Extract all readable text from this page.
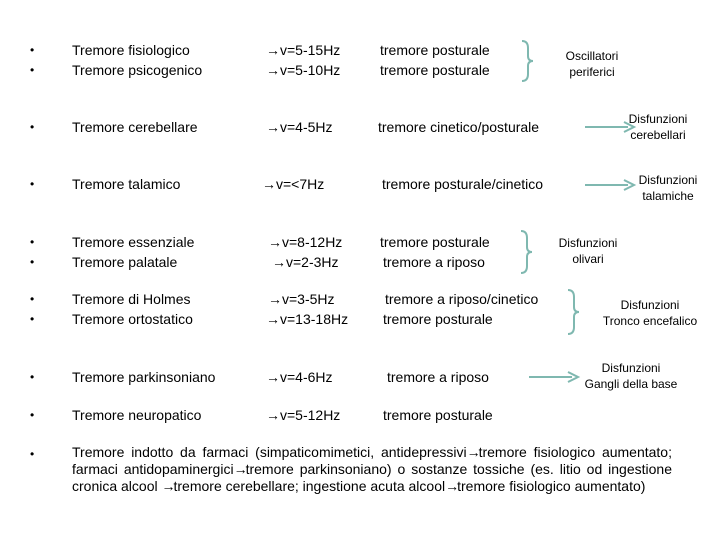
•
•
•
•
•
•
•
•
•
•
•
Tremore fisiologico
Tremore psicogenico
Tremore cerebellare
Tremore talamico
Tremore essenziale
Tremore palatale
Tremore di Holmes
Tremore ortostatico
Tremore parkinsoniano
Tremore neuropatico
→v=5-15Hz
→v=5-10Hz
→v=4-5Hz
→v=<7Hz
→v=8-12Hz
→v=2-3Hz
→v=3-5Hz
→v=13-18Hz
→v=4-6Hz
→v=5-12Hz
tremore posturale
tremore posturale
tremore cinetico/posturale
tremore posturale/cinetico
tremore posturale
tremore a riposo
tremore a riposo/cinetico
tremore posturale
tremore a riposo
tremore posturale
Oscillatori
periferici
Disfunzioni
cerebellari
Disfunzioni
talamiche
Disfunzioni
olivari
Disfunzioni
Tronco encefalico
Disfunzioni
Gangli della base
Tremore indotto da farmaci (simpaticomimetici, antidepressivi→tremore fisiologico aumentato; farmaci antidopaminergici→tremore parkinsoniano) o sostanze tossiche (es. litio od ingestione cronica alcool →tremore cerebellare; ingestione acuta alcool→tremore fisiologico aumentato)
